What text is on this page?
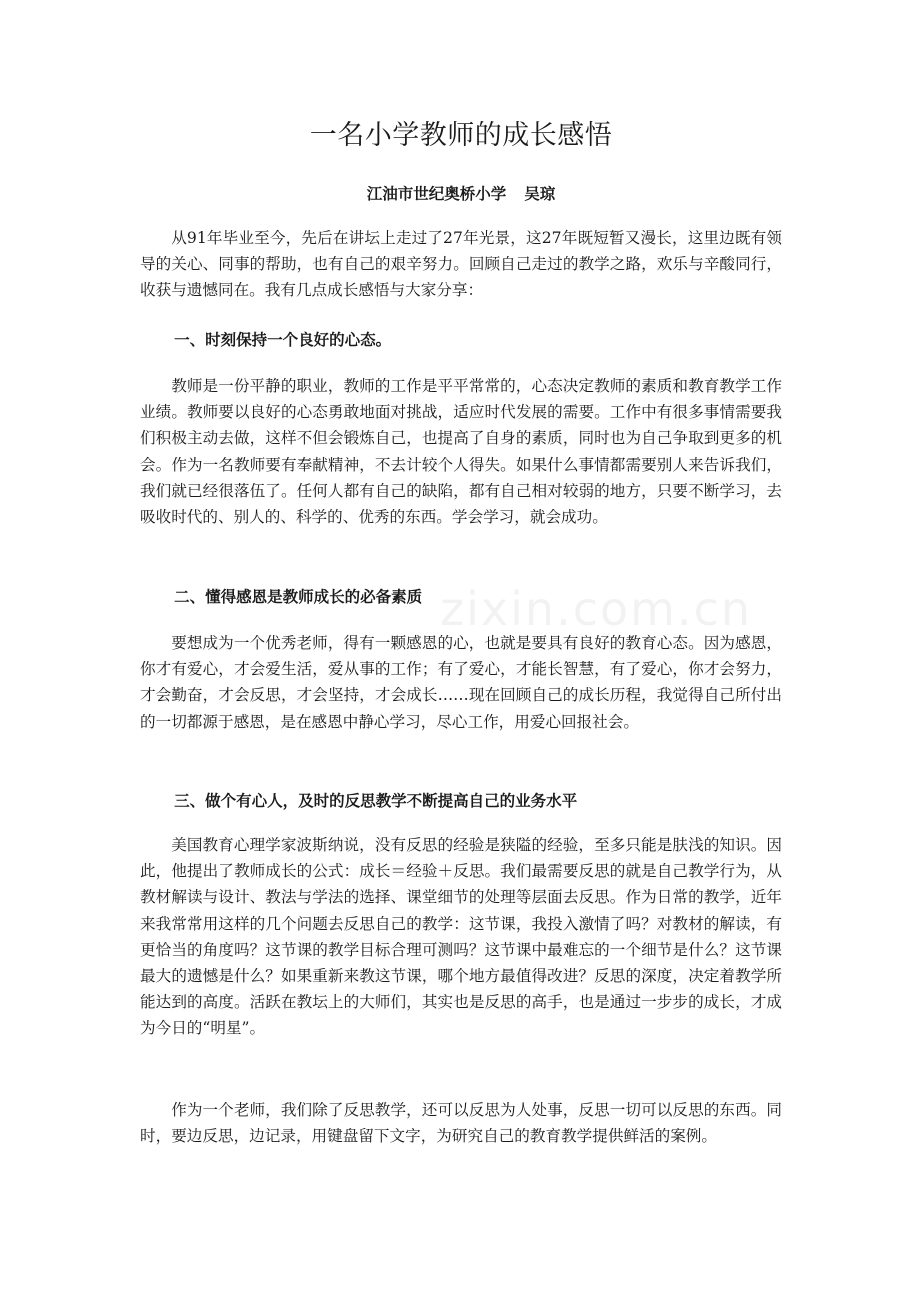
一名小学教师的成长感悟

江油市世纪奥桥小学 吴琼

从91年毕业至今，先后在讲坛上走过了27年光景，这27年既短暂又漫长，这里边既有领导的关心、同事的帮助，也有自己的艰辛努力。回顾自己走过的教学之路，欢乐与辛酸同行，收获与遗憾同在。我有几点成长感悟与大家分享：

一、时刻保持一个良好的心态。

教师是一份平静的职业，教师的工作是平平常常的，心态决定教师的素质和教育教学工作业绩。教师要以良好的心态勇敢地面对挑战，适应时代发展的需要。工作中有很多事情需要我们积极主动去做，这样不但会锻炼自己，也提高了自身的素质，同时也为自己争取到更多的机会。作为一名教师要有奉献精神，不去计较个人得失。如果什么事情都需要别人来告诉我们，我们就已经很落伍了。任何人都有自己的缺陷，都有自己相对较弱的地方，只要不断学习，去吸收时代的、别人的、科学的、优秀的东西。学会学习，就会成功。

二、懂得感恩是教师成长的必备素质

要想成为一个优秀老师，得有一颗感恩的心，也就是要具有良好的教育心态。因为感恩，你才有爱心，才会爱生活，爱从事的工作；有了爱心，才能长智慧，有了爱心，你才会努力，才会勤奋，才会反思，才会坚持，才会成长……现在回顾自己的成长历程，我觉得自己所付出的一切都源于感恩，是在感恩中静心学习，尽心工作，用爱心回报社会。

三、做个有心人，及时的反思教学不断提高自己的业务水平

美国教育心理学家波斯纳说，没有反思的经验是狭隘的经验，至多只能是肤浅的知识。因此，他提出了教师成长的公式：成长＝经验＋反思。我们最需要反思的就是自己教学行为，从教材解读与设计、教法与学法的选择、课堂细节的处理等层面去反思。作为日常的教学，近年来我常常用这样的几个问题去反思自己的教学：这节课，我投入激情了吗？对教材的解读，有更恰当的角度吗？这节课的教学目标合理可测吗？这节课中最难忘的一个细节是什么？这节课最大的遗憾是什么？如果重新来教这节课，哪个地方最值得改进？反思的深度，决定着教学所能达到的高度。活跃在教坛上的大师们，其实也是反思的高手，也是通过一步步的成长，才成为今日的“明星”。

作为一个老师，我们除了反思教学，还可以反思为人处事，反思一切可以反思的东西。同时，要边反思，边记录，用键盘留下文字，为研究自己的教育教学提供鲜活的案例。

zixin.com.cn
